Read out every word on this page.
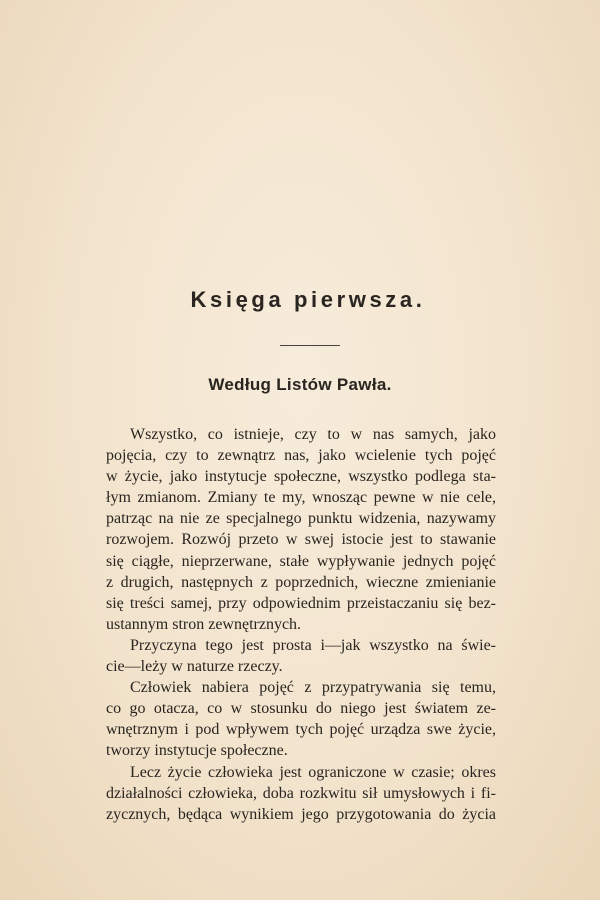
Księga pierwsza.
Według Listów Pawła.
Wszystko, co istnieje, czy to w nas samych, jako
pojęcia, czy to zewnątrz nas, jako wcielenie tych pojęć
w życie, jako instytucje społeczne, wszystko podlega sta-
łym zmianom. Zmiany te my, wnosząc pewne w nie cele,
patrząc na nie ze specjalnego punktu widzenia, nazywamy
rozwojem. Rozwój przeto w swej istocie jest to stawanie
się ciągłe, nieprzerwane, stałe wypływanie jednych pojęć
z drugich, następnych z poprzednich, wieczne zmienianie
się treści samej, przy odpowiednim przeistaczaniu się bez-
ustannym stron zewnętrznych.
Przyczyna tego jest prosta i—jak wszystko na świe-
cie—leży w naturze rzeczy.
Człowiek nabiera pojęć z przypatrywania się temu,
co go otacza, co w stosunku do niego jest światem ze-
wnętrznym i pod wpływem tych pojęć urządza swe życie,
tworzy instytucje społeczne.
Lecz życie człowieka jest ograniczone w czasie; okres
działalności człowieka, doba rozkwitu sił umysłowych i fi-
zycznych, będąca wynikiem jego przygotowania do życia
